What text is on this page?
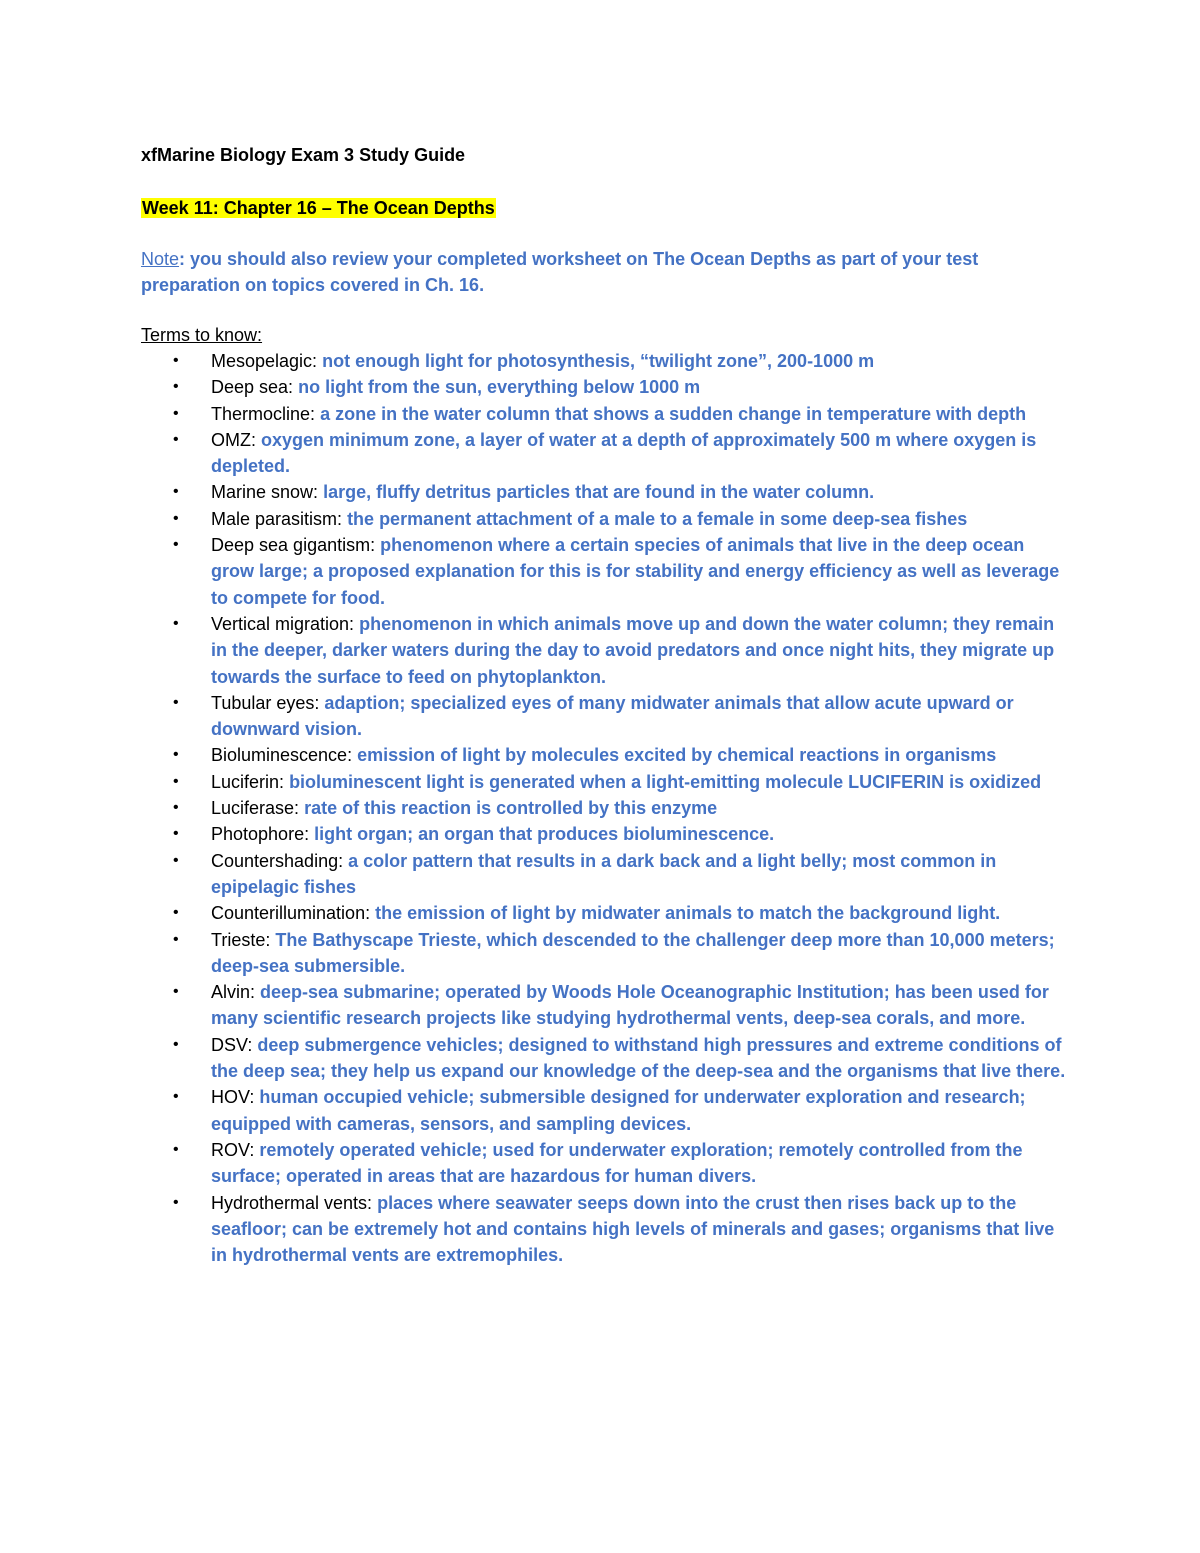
xfMarine Biology Exam 3 Study Guide
Week 11: Chapter 16 – The Ocean Depths
Note: you should also review your completed worksheet on The Ocean Depths as part of your test preparation on topics covered in Ch. 16.
Terms to know:
• Mesopelagic: not enough light for photosynthesis, “twilight zone”, 200-1000 m
• Deep sea: no light from the sun, everything below 1000 m
• Thermocline: a zone in the water column that shows a sudden change in temperature with depth
• OMZ: oxygen minimum zone, a layer of water at a depth of approximately 500 m where oxygen is depleted.
• Marine snow: large, fluffy detritus particles that are found in the water column.
• Male parasitism: the permanent attachment of a male to a female in some deep-sea fishes
• Deep sea gigantism: phenomenon where a certain species of animals that live in the deep ocean grow large; a proposed explanation for this is for stability and energy efficiency as well as leverage to compete for food.
• Vertical migration: phenomenon in which animals move up and down the water column; they remain in the deeper, darker waters during the day to avoid predators and once night hits, they migrate up towards the surface to feed on phytoplankton.
• Tubular eyes: adaption; specialized eyes of many midwater animals that allow acute upward or downward vision.
• Bioluminescence: emission of light by molecules excited by chemical reactions in organisms
• Luciferin: bioluminescent light is generated when a light-emitting molecule LUCIFERIN is oxidized
• Luciferase: rate of this reaction is controlled by this enzyme
• Photophore: light organ; an organ that produces bioluminescence.
• Countershading: a color pattern that results in a dark back and a light belly; most common in epipelagic fishes
• Counterillumination: the emission of light by midwater animals to match the background light.
• Trieste: The Bathyscape Trieste, which descended to the challenger deep more than 10,000 meters; deep-sea submersible.
• Alvin: deep-sea submarine; operated by Woods Hole Oceanographic Institution; has been used for many scientific research projects like studying hydrothermal vents, deep-sea corals, and more.
• DSV: deep submergence vehicles; designed to withstand high pressures and extreme conditions of the deep sea; they help us expand our knowledge of the deep-sea and the organisms that live there.
• HOV: human occupied vehicle; submersible designed for underwater exploration and research; equipped with cameras, sensors, and sampling devices.
• ROV: remotely operated vehicle; used for underwater exploration; remotely controlled from the surface; operated in areas that are hazardous for human divers.
• Hydrothermal vents: places where seawater seeps down into the crust then rises back up to the seafloor; can be extremely hot and contains high levels of minerals and gases; organisms that live in hydrothermal vents are extremophiles.
